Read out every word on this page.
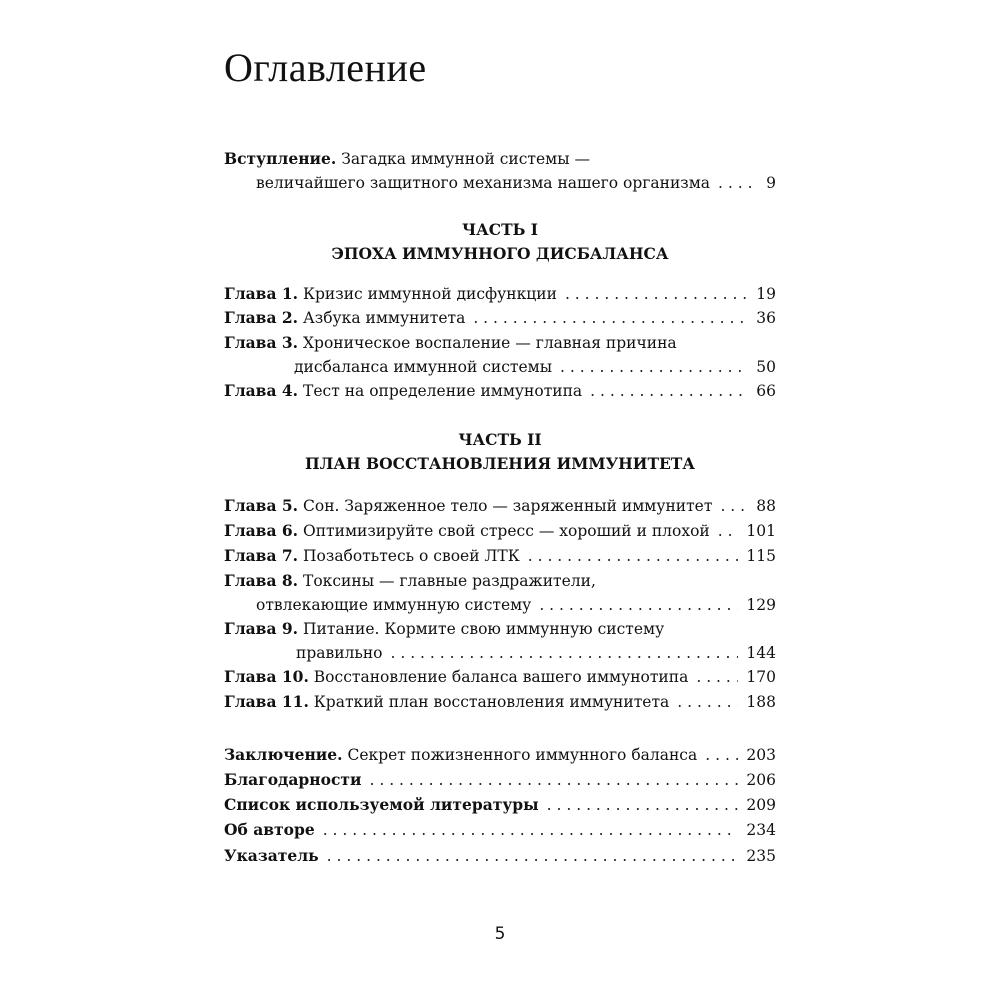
Оглавление
Вступление. Загадка иммунной системы —
величайшего защитного механизма нашего организма . . .	9
ЧАСТЬ I
ЭПОХА ИММУННОГО ДИСБАЛАНСА
Глава 1. Кризис иммунной дисфункции . . .	19
Глава 2. Азбука иммунитета . . .	36
Глава 3. Хроническое воспаление — главная причина
дисбаланса иммунной системы . . .	50
Глава 4. Тест на определение иммунотипа . . .	66
ЧАСТЬ II
ПЛАН ВОССТАНОВЛЕНИЯ ИММУНИТЕТА
Глава 5. Сон. Заряженное тело — заряженный иммунитет . . .	88
Глава 6. Оптимизируйте свой стресс — хороший и плохой . . . 101
Глава 7. Позаботьтесь о своей ЛТК . . .	115
Глава 8. Токсины — главные раздражители,
отвлекающие иммунную систему . . .	129
Глава 9. Питание. Кормите свою иммунную систему
правильно . . .	144
Глава 10. Восстановление баланса вашего иммунотипа . . .	170
Глава 11. Краткий план восстановления иммунитета . . .	188
Заключение. Секрет пожизненного иммунного баланса . . .	203
Благодарности . . .	206
Список используемой литературы . . .	209
Об авторе . . .	234
Указатель . . .	235
5
